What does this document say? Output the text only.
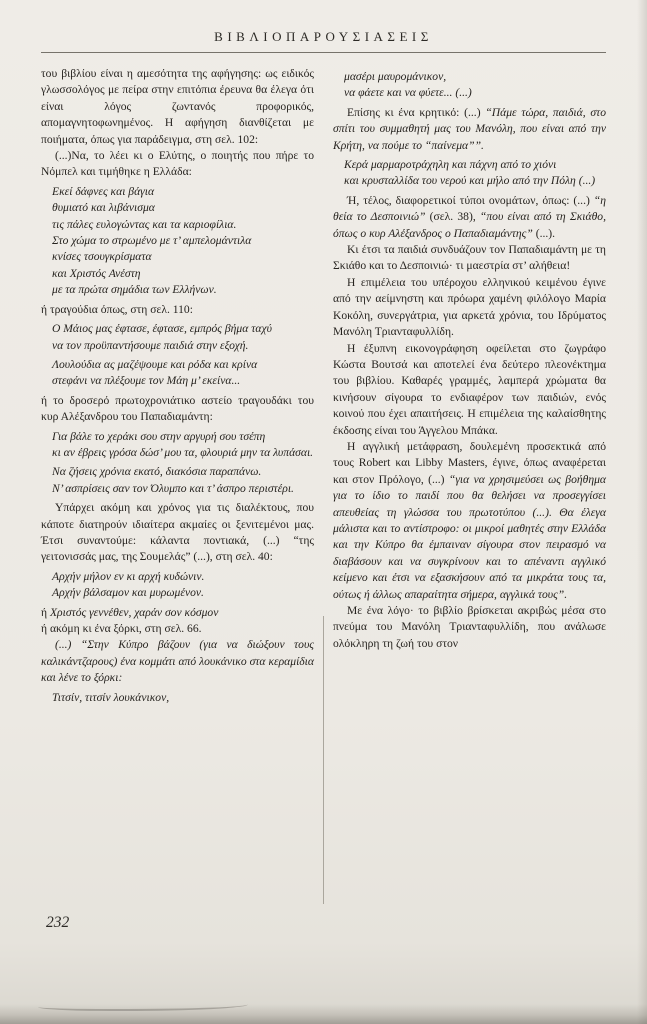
ΒΙΒΛΙΟΠΑΡΟΥΣΙΑΣΕΙΣ
του βιβλίου είναι η αμεσότητα της αφήγησης: ως ειδικός γλωσσολόγος με πείρα στην επιτόπια έρευνα θα έλεγα ότι είναι λόγος ζωντανός προφορικός, απομαγνητοφωνημένος. Η αφήγηση διανθίζεται με ποιήματα, όπως για παράδειγμα, στη σελ. 102:
(...)Να, το λέει κι ο Ελύτης, ο ποιητής που πήρε το Νόμπελ και τιμήθηκε η Ελλάδα:
Εκεί δάφνες και βάγια
θυμιατό και λιβάνισμα
τις πάλες ευλογώντας και τα καριοφίλια.
Στο χώμα το στρωμένο με τ’ αμπελομάντιλα
κνίσες τσουγκρίσματα
και Χριστός Ανέστη
με τα πρώτα σημάδια των Ελλήνων.
ή τραγούδια όπως, στη σελ. 110:
Ο Μάιος μας έφτασε, έφτασε, εμπρός βήμα ταχύ
να τον προϋπαντήσουμε παιδιά στην εξοχή.
Λουλούδια ας μαζέψουμε και ρόδα και κρίνα
στεφάνι να πλέξουμε τον Μάη μ’ εκείνα...
ή το δροσερό πρωτοχρονιάτικο αστείο τραγουδάκι του κυρ Αλέξανδρου του Παπαδιαμάντη:
Για βάλε το χεράκι σου στην αργυρή σου τσέπη
κι αν έβρεις γρόσα δώσ’ μου τα, φλουριά μην τα λυπάσαι.
Να ζήσεις χρόνια εκατό, διακόσια παραπάνω.
Ν’ ασπρίσεις σαν τον Όλυμπο και τ’ άσπρο περιστέρι.
Υπάρχει ακόμη και χρόνος για τις διαλέκτους, που κάποτε διατηρούν ιδιαίτερα ακμαίες οι ξενιτεμένοι μας. Έτσι συναντούμε: κάλαντα ποντιακά, (...) “της γειτονισσάς μας, της Σουμελάς” (...), στη σελ. 40:
Αρχήν μήλον εν κι αρχή κυδώνιν.
Αρχήν βάλσαμον και μυρωμένον.
ή Χριστός γεννέθεν, χαράν σον κόσμον
ή ακόμη κι ένα ξόρκι, στη σελ. 66.
(...) “Στην Κύπρο βάζουν (για να διώξουν τους καλικάντζαρους) ένα κομμάτι από λουκάνικο στα κεραμίδια και λένε το ξόρκι:
Τιτσίν, τιτσίν λουκάνικον,
μασέρι μαυρομάνικον,
να φάετε και να φύετε... (...)
Επίσης κι ένα κρητικό: (...) “Πάμε τώρα, παιδιά, στο σπίτι του συμμαθητή μας του Μανόλη, που είναι από την Κρήτη, να πούμε το “παίνεμα””.
Κερά μαρμαροτράχηλη και πάχνη από το χιόνι
και κρυσταλλίδα του νερού και μήλο από την Πόλη (...)
Ή, τέλος, διαφορετικοί τύποι ονομάτων, όπως: (...) “η θεία το Δεσποινιώ” (σελ. 38), “που είναι από τη Σκιάθο, όπως ο κυρ Αλέξανδρος ο Παπαδιαμάντης” (...).
Κι έτσι τα παιδιά συνδυάζουν τον Παπαδιαμάντη με τη Σκιάθο και το Δεσποινιώ· τι μαεστρία στ’ αλήθεια!
Η επιμέλεια του υπέροχου ελληνικού κειμένου έγινε από την αείμνηστη και πρόωρα χαμένη φιλόλογο Μαρία Κοκόλη, συνεργάτρια, για αρκετά χρόνια, του Ιδρύματος Μανόλη Τριανταφυλλίδη.
Η έξυπνη εικονογράφηση οφείλεται στο ζωγράφο Κώστα Βουτσά και αποτελεί ένα δεύτερο πλεονέκτημα του βιβλίου. Καθαρές γραμμές, λαμπερά χρώματα θα κινήσουν σίγουρα το ενδιαφέρον των παιδιών, ενός κοινού που έχει απαιτήσεις. Η επιμέλεια της καλαίσθητης έκδοσης είναι του Άγγελου Μπάκα.
Η αγγλική μετάφραση, δουλεμένη προσεκτικά από τους Robert και Libby Masters, έγινε, όπως αναφέρεται και στον Πρόλογο, (...) “για να χρησιμεύσει ως βοήθημα για το ίδιο το παιδί που θα θελήσει να προσεγγίσει απευθείας τη γλώσσα του πρωτοτύπου (...). Θα έλεγα μάλιστα και το αντίστροφο: οι μικροί μαθητές στην Ελλάδα και την Κύπρο θα έμπαιναν σίγουρα στον πειρασμό να διαβάσουν και να συγκρίνουν και το απέναντι αγγλικό κείμενο και έτσι να εξασκήσουν από τα μικράτα τους τα, ούτως ή άλλως απαραίτητα σήμερα, αγγλικά τους”.
Με ένα λόγο· το βιβλίο βρίσκεται ακριβώς μέσα στο πνεύμα του Μανόλη Τριανταφυλλίδη, που ανάλωσε ολόκληρη τη ζωή του στον
232
